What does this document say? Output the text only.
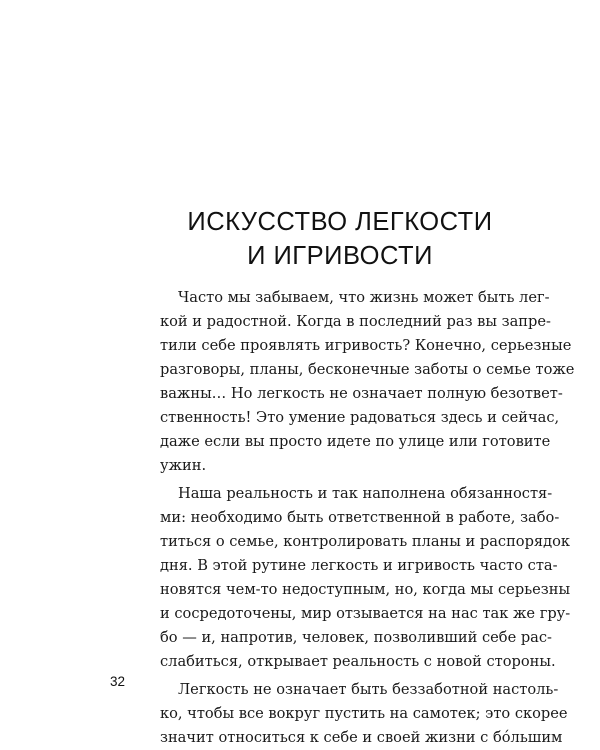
ИСКУССТВО ЛЕГКОСТИ
И ИГРИВОСТИ
Часто мы забываем, что жизнь может быть лег-
кой и радостной. Когда в последний раз вы запре-
тили себе проявлять игривость? Конечно, серьезные
разговоры, планы, бесконечные заботы о семье тоже
важны… Но легкость не означает полную безответ-
ственность! Это умение радоваться здесь и сейчас,
даже если вы просто идете по улице или готовите
ужин.
Наша реальность и так наполнена обязанностя-
ми: необходимо быть ответственной в работе, забо-
титься о семье, контролировать планы и распорядок
дня. В этой рутине легкость и игривость часто ста-
новятся чем-то недоступным, но, когда мы серьезны
и сосредоточены, мир отзывается на нас так же гру-
бо — и, напротив, человек, позволивший себе рас-
слабиться, открывает реальность с новой стороны.
Легкость не означает быть беззаботной настоль-
ко, чтобы все вокруг пустить на самотек; это скорее
значит относиться к себе и своей жизни с бóльшим
32
